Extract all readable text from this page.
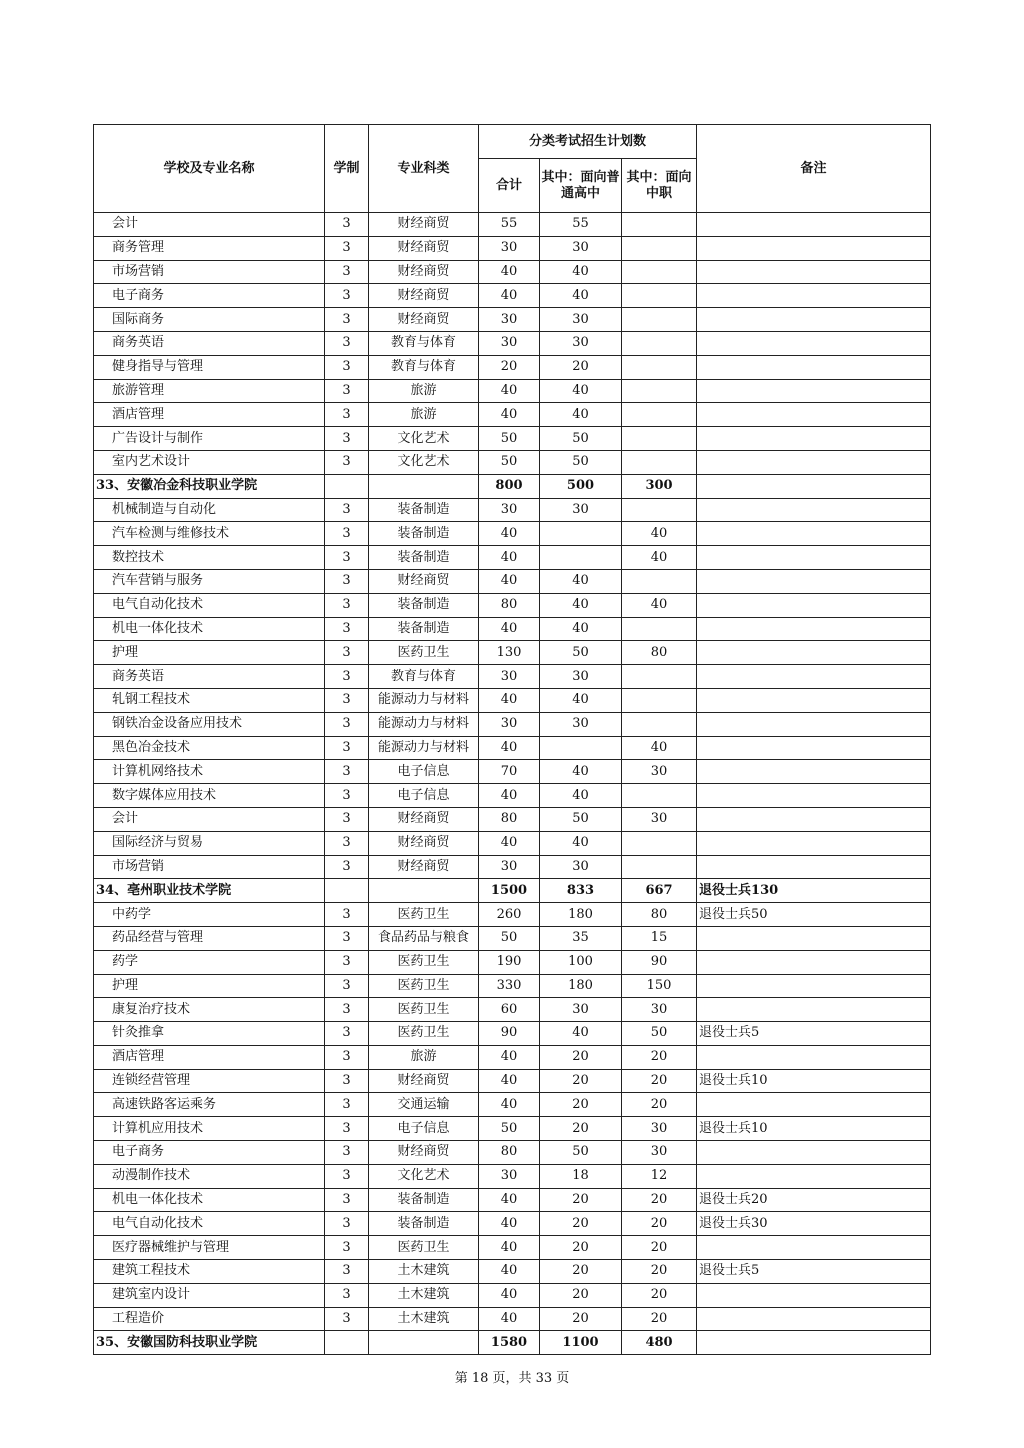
学校及专业名称	学制	专业科类	分类考试招生计划数			备注
			合计	其中：面向普通高中	其中：面向中职	
会计	3	财经商贸	55	55		
商务管理	3	财经商贸	30	30		
市场营销	3	财经商贸	40	40		
电子商务	3	财经商贸	40	40		
国际商务	3	财经商贸	30	30		
商务英语	3	教育与体育	30	30		
健身指导与管理	3	教育与体育	20	20		
旅游管理	3	旅游	40	40		
酒店管理	3	旅游	40	40		
广告设计与制作	3	文化艺术	50	50		
室内艺术设计	3	文化艺术	50	50		
33、安徽冶金科技职业学院			800	500	300	
机械制造与自动化	3	装备制造	30	30		
汽车检测与维修技术	3	装备制造	40		40	
数控技术	3	装备制造	40		40	
汽车营销与服务	3	财经商贸	40	40		
电气自动化技术	3	装备制造	80	40	40	
机电一体化技术	3	装备制造	40	40		
护理	3	医药卫生	130	50	80	
商务英语	3	教育与体育	30	30		
轧钢工程技术	3	能源动力与材料	40	40		
钢铁冶金设备应用技术	3	能源动力与材料	30	30		
黑色冶金技术	3	能源动力与材料	40		40	
计算机网络技术	3	电子信息	70	40	30	
数字媒体应用技术	3	电子信息	40	40		
会计	3	财经商贸	80	50	30	
国际经济与贸易	3	财经商贸	40	40		
市场营销	3	财经商贸	30	30		
34、亳州职业技术学院			1500	833	667	退役士兵130
中药学	3	医药卫生	260	180	80	退役士兵50
药品经营与管理	3	食品药品与粮食	50	35	15	
药学	3	医药卫生	190	100	90	
护理	3	医药卫生	330	180	150	
康复治疗技术	3	医药卫生	60	30	30	
针灸推拿	3	医药卫生	90	40	50	退役士兵5
酒店管理	3	旅游	40	20	20	
连锁经营管理	3	财经商贸	40	20	20	退役士兵10
高速铁路客运乘务	3	交通运输	40	20	20	
计算机应用技术	3	电子信息	50	20	30	退役士兵10
电子商务	3	财经商贸	80	50	30	
动漫制作技术	3	文化艺术	30	18	12	
机电一体化技术	3	装备制造	40	20	20	退役士兵20
电气自动化技术	3	装备制造	40	20	20	退役士兵30
医疗器械维护与管理	3	医药卫生	40	20	20	
建筑工程技术	3	土木建筑	40	20	20	退役士兵5
建筑室内设计	3	土木建筑	40	20	20	
工程造价	3	土木建筑	40	20	20	
35、安徽国防科技职业学院			1580	1100	480	
第 18 页，共 33 页
